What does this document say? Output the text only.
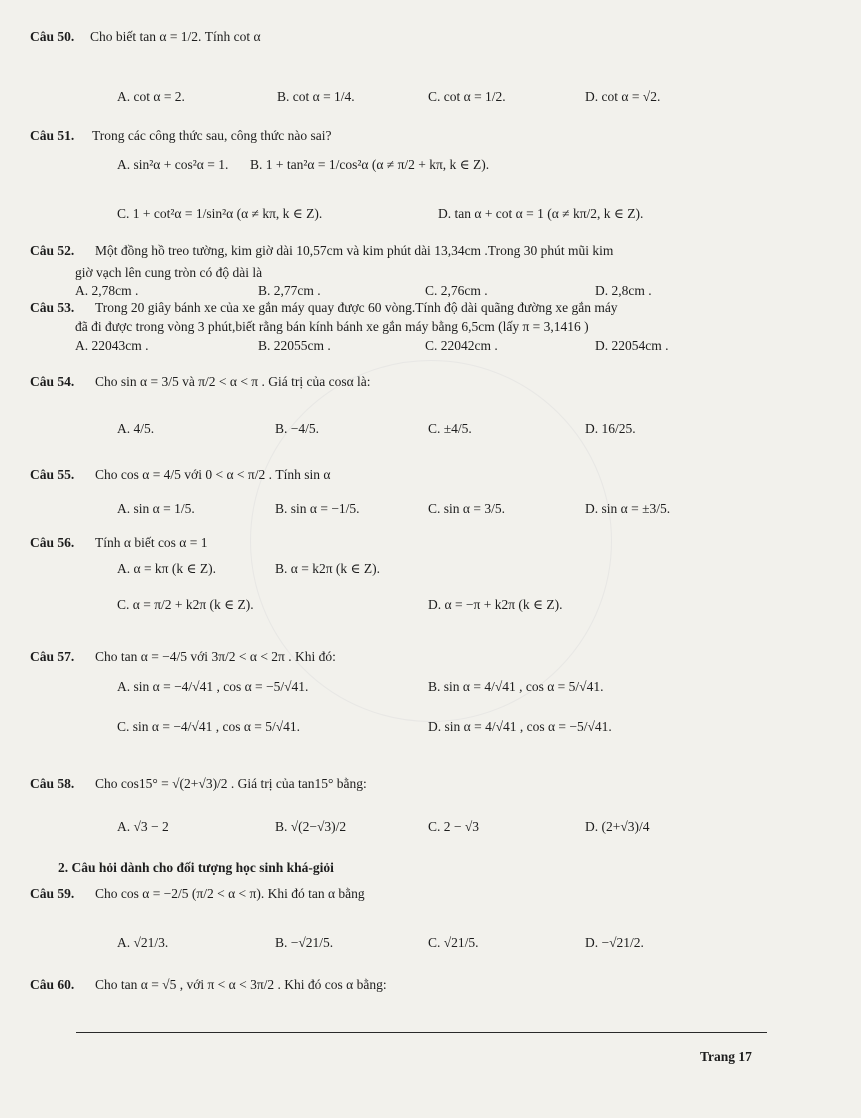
Câu 50. Cho biết tan α = 1/2. Tính cot α
A. cot α = 2.	B. cot α = 1/4.	C. cot α = 1/2.	D. cot α = √2.
Câu 51. Trong các công thức sau, công thức nào sai?
A. sin²α + cos²α = 1. B. 1 + tan²α = 1/cos²α (α ≠ π/2 + kπ, k ∈ Z).
C. 1 + cot²α = 1/sin²α (α ≠ kπ, k ∈ Z).	D. tan α + cot α = 1 (α ≠ kπ/2, k ∈ Z).
Câu 52. Một đồng hồ treo tường, kim giờ dài 10,57cm và kim phút dài 13,34cm .Trong 30 phút mũi kim
giờ vạch lên cung tròn có độ dài là
A. 2,78cm .	B. 2,77cm .	C. 2,76cm .	D. 2,8cm .
Câu 53. Trong 20 giây bánh xe của xe gắn máy quay được 60 vòng.Tính độ dài quãng đường xe gắn máy
đã đi được trong vòng 3 phút,biết rằng bán kính bánh xe gắn máy bằng 6,5cm (lấy π = 3,1416 )
A. 22043cm .	B. 22055cm .	C. 22042cm .	D. 22054cm .
Câu 54. Cho sin α = 3/5 và π/2 < α < π . Giá trị của cosα là:
A. 4/5.	B. −4/5.	C. ±4/5.	D. 16/25.
Câu 55. Cho cos α = 4/5 với 0 < α < π/2 . Tính sin α
A. sin α = 1/5.	B. sin α = −1/5.	C. sin α = 3/5.	D. sin α = ±3/5.
Câu 56. Tính α biết cos α = 1
A. α = kπ (k ∈ Z).	B. α = k2π (k ∈ Z).
C. α = π/2 + k2π (k ∈ Z).	D. α = −π + k2π (k ∈ Z).
Câu 57. Cho tan α = −4/5 với 3π/2 < α < 2π . Khi đó:
A. sin α = −4/√41 , cos α = −5/√41.	B. sin α = 4/√41 , cos α = 5/√41.
C. sin α = −4/√41 , cos α = 5/√41.	D. sin α = 4/√41 , cos α = −5/√41.
Câu 58. Cho cos15° = √(2+√3)/2 . Giá trị của tan15° bằng:
A. √3 − 2	B. √(2−√3)/2	C. 2 − √3	D. (2+√3)/4
2. Câu hỏi dành cho đối tượng học sinh khá-giỏi
Câu 59. Cho cos α = −2/5 (π/2 < α < π). Khi đó tan α bằng
A. √21/3.	B. −√21/5.	C. √21/5.	D. −√21/2.
Câu 60. Cho tan α = √5 , với π < α < 3π/2 . Khi đó cos α bằng:
Trang 17
